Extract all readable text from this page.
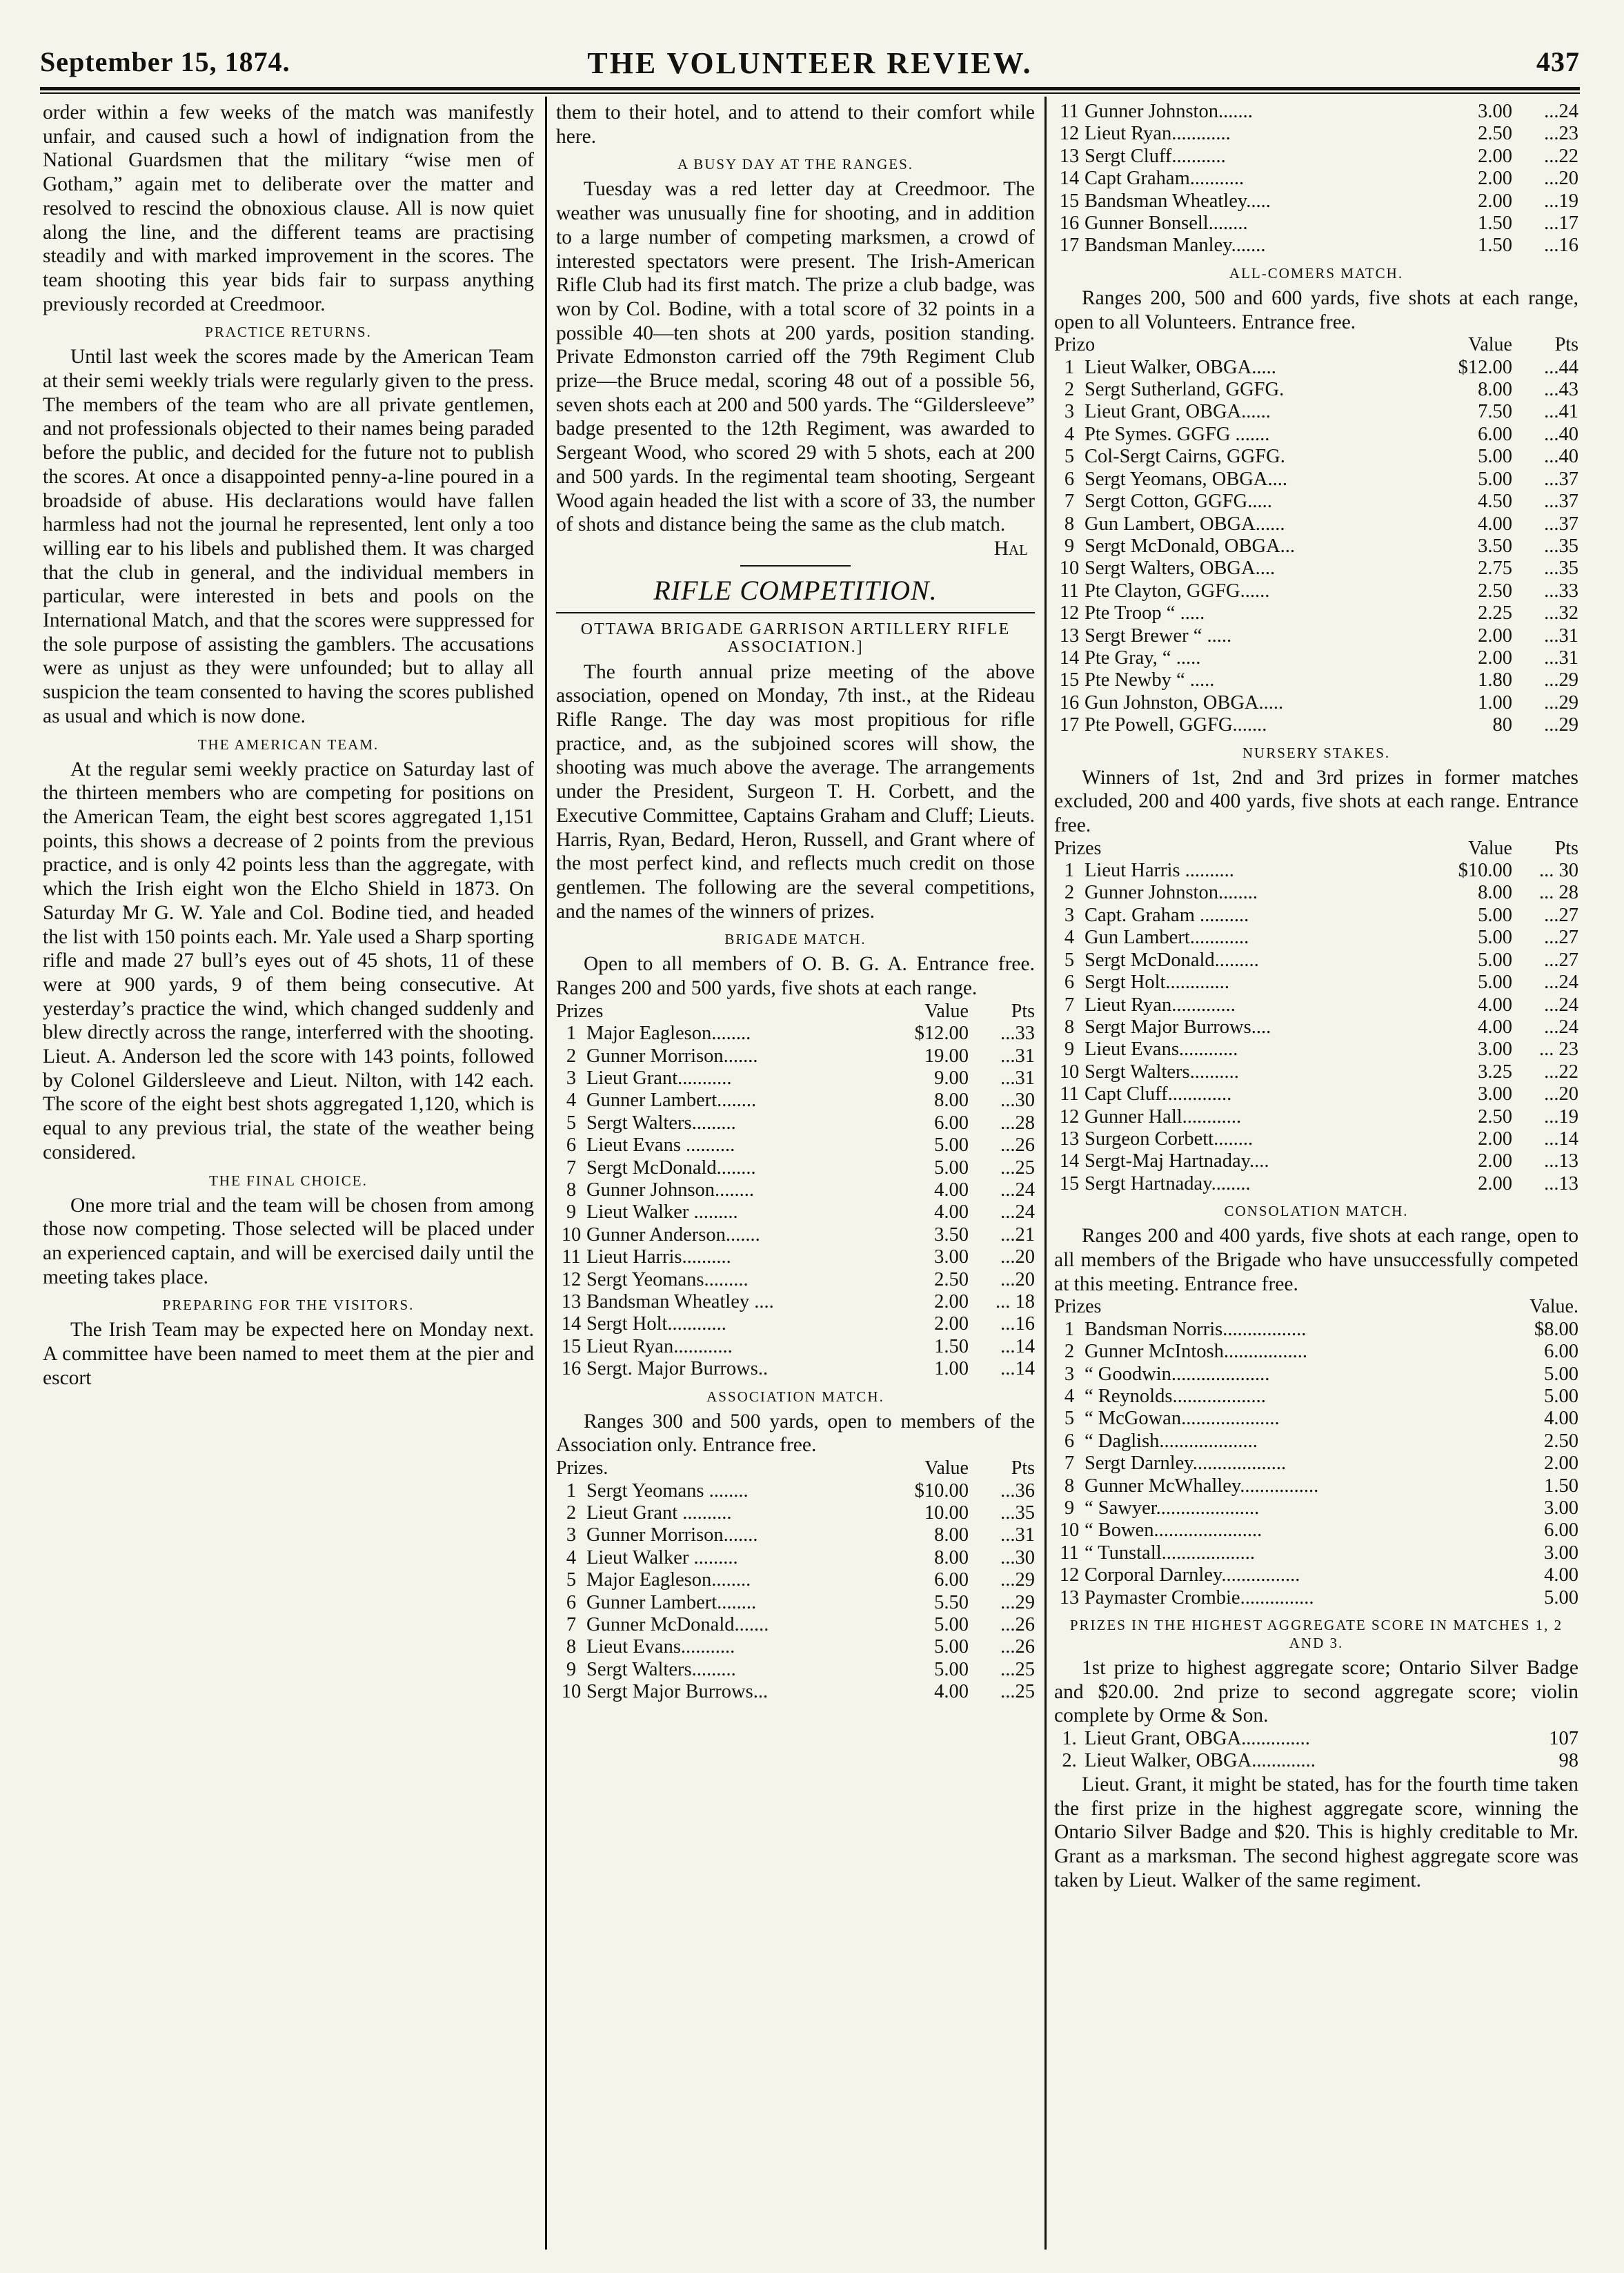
September 15, 1874.	THE VOLUNTEER REVIEW.	437

order within a few weeks of the match was manifestly unfair, and caused such a howl of indignation from the National Guardsmen that the military “wise men of Gotham,” again met to deliberate over the matter and resolved to rescind the obnoxious clause. All is now quiet along the line, and the different teams are practising steadily and with marked improvement in the scores. The team shooting this year bids fair to surpass anything previously recorded at Creedmoor.

PRACTICE RETURNS.

Until last week the scores made by the American Team at their semi weekly trials were regularly given to the press. The members of the team who are all private gentlemen, and not professionals objected to their names being paraded before the public, and decided for the future not to publish the scores. At once a disappointed penny-a-line poured in a broadside of abuse. His declarations would have fallen harmless had not the journal he represented, lent only a too willing ear to his libels and published them. It was charged that the club in general, and the individual members in particular, were interested in bets and pools on the International Match, and that the scores were suppressed for the sole purpose of assisting the gamblers. The accusations were as unjust as they were unfounded; but to allay all suspicion the team consented to having the scores published as usual and which is now done.

THE AMERICAN TEAM.

At the regular semi weekly practice on Saturday last of the thirteen members who are competing for positions on the American Team, the eight best scores aggregated 1,151 points, this shows a decrease of 2 points from the previous practice, and is only 42 points less than the aggregate, with which the Irish eight won the Elcho Shield in 1873. On Saturday Mr G. W. Yale and Col. Bodine tied, and headed the list with 150 points each. Mr. Yale used a Sharp sporting rifle and made 27 bull’s eyes out of 45 shots, 11 of these were at 900 yards, 9 of them being consecutive. At yesterday’s practice the wind, which changed suddenly and blew directly across the range, interferred with the shooting. Lieut. A. Anderson led the score with 143 points, followed by Colonel Gildersleeve and Lieut. Nilton, with 142 each. The score of the eight best shots aggregated 1,120, which is equal to any previous trial, the state of the weather being considered.

THE FINAL CHOICE.

One more trial and the team will be chosen from among those now competing. Those selected will be placed under an experienced captain, and will be exercised daily until the meeting takes place.

PREPARING FOR THE VISITORS.

The Irish Team may be expected here on Monday next. A committee have been named to meet them at the pier and escort

them to their hotel, and to attend to their comfort while here.

A BUSY DAY AT THE RANGES.

Tuesday was a red letter day at Creedmoor. The weather was unusually fine for shooting, and in addition to a large number of competing marksmen, a crowd of interested spectators were present. The Irish-American Rifle Club had its first match. The prize a club badge, was won by Col. Bodine, with a total score of 32 points in a possible 40—ten shots at 200 yards, position standing. Private Edmonston carried off the 79th Regiment Club prize—the Bruce medal, scoring 48 out of a possible 56, seven shots each at 200 and 500 yards. The “Gildersleeve” badge presented to the 12th Regiment, was awarded to Sergeant Wood, who scored 29 with 5 shots, each at 200 and 500 yards. In the regimental team shooting, Sergeant Wood again headed the list with a score of 33, the number of shots and distance being the same as the club match.

Hal
RIFLE COMPETITION.
OTTAWA BRIGADE GARRISON ARTILLERY RIFLE ASSOCIATION.]

The fourth annual prize meeting of the above association, opened on Monday, 7th inst., at the Rideau Rifle Range. The day was most propitious for rifle practice, and, as the subjoined scores will show, the shooting was much above the average. The arrangements under the President, Surgeon T. H. Corbett, and the Executive Committee, Captains Graham and Cluff; Lieuts. Harris, Ryan, Bedard, Heron, Russell, and Grant where of the most perfect kind, and reflects much credit on those gentlemen. The following are the several competitions, and the names of the winners of prizes.

BRIGADE MATCH.

Open to all members of O. B. G. A. Entrance free. Ranges 200 and 500 yards, five shots at each range.

Prizes		Value	Pts
1	Major Eagleson........	$12.00	...33
2	Gunner Morrison.......	19.00	...31
3	Lieut Grant...........	9.00	...31
4	Gunner Lambert........	8.00	...30
5	Sergt Walters.........	6.00	...28
6	Lieut Evans ..........	5.00	...26
7	Sergt McDonald........	5.00	...25
8	Gunner Johnson........	4.00	...24
9	Lieut Walker .........	4.00	...24
10	Gunner Anderson.......	3.50	...21
11	Lieut Harris..........	3.00	...20
12	Sergt Yeomans.........	2.50	...20
13	Bandsman Wheatley ....	2.00	... 18
14	Sergt Holt............	2.00	...16
15	Lieut Ryan............	1.50	...14
16	Sergt. Major Burrows..	1.00	...14
ASSOCIATION MATCH.

Ranges 300 and 500 yards, open to members of the Association only. Entrance free.

Prizes.		Value	Pts
1	Sergt Yeomans ........	$10.00	...36
2	Lieut Grant ..........	10.00	...35
3	Gunner Morrison.......	8.00	...31
4	Lieut Walker .........	8.00	...30
5	Major Eagleson........	6.00	...29
6	Gunner Lambert........	5.50	...29
7	Gunner McDonald.......	5.00	...26
8	Lieut Evans...........	5.00	...26
9	Sergt Walters.........	5.00	...25
10	Sergt Major Burrows...	4.00	...25
11	Gunner Johnston.......	3.00	...24
12	Lieut Ryan............	2.50	...23
13	Sergt Cluff...........	2.00	...22
14	Capt Graham...........	2.00	...20
15	Bandsman Wheatley.....	2.00	...19
16	Gunner Bonsell........	1.50	...17
17	Bandsman Manley.......	1.50	...16
ALL-COMERS MATCH.

Ranges 200, 500 and 600 yards, five shots at each range, open to all Volunteers. Entrance free.

Prizo		Value	Pts
1	Lieut Walker, OBGA.....	$12.00	...44
2	Sergt Sutherland, GGFG.	8.00	...43
3	Lieut Grant, OBGA......	7.50	...41
4	Pte Symes. GGFG .......	6.00	...40
5	Col-Sergt Cairns, GGFG.	5.00	...40
6	Sergt Yeomans, OBGA....	5.00	...37
7	Sergt Cotton, GGFG.....	4.50	...37
8	Gun Lambert, OBGA......	4.00	...37
9	Sergt McDonald, OBGA...	3.50	...35
10	Sergt Walters, OBGA....	2.75	...35
11	Pte Clayton, GGFG......	2.50	...33
12	Pte Troop “ .....	2.25	...32
13	Sergt Brewer “ .....	2.00	...31
14	Pte Gray, “ .....	2.00	...31
15	Pte Newby “ .....	1.80	...29
16	Gun Johnston, OBGA.....	1.00	...29
17	Pte Powell, GGFG.......	80	...29
NURSERY STAKES.

Winners of 1st, 2nd and 3rd prizes in former matches excluded, 200 and 400 yards, five shots at each range. Entrance free.

Prizes		Value	Pts
1	Lieut Harris ..........	$10.00	... 30
2	Gunner Johnston........	8.00	... 28
3	Capt. Graham ..........	5.00	...27
4	Gun Lambert............	5.00	...27
5	Sergt McDonald.........	5.00	...27
6	Sergt Holt.............	5.00	...24
7	Lieut Ryan.............	4.00	...24
8	Sergt Major Burrows....	4.00	...24
9	Lieut Evans............	3.00	... 23
10	Sergt Walters..........	3.25	...22
11	Capt Cluff.............	3.00	...20
12	Gunner Hall............	2.50	...19
13	Surgeon Corbett........	2.00	...14
14	Sergt-Maj Hartnaday....	2.00	...13
15	Sergt Hartnaday........	2.00	...13
CONSOLATION MATCH.

Ranges 200 and 400 yards, five shots at each range, open to all members of the Brigade who have unsuccessfully competed at this meeting. Entrance free.

Prizes		Value.
1	Bandsman Norris.................	$8.00
2	Gunner McIntosh.................	6.00
3	“ Goodwin....................	5.00
4	“ Reynolds...................	5.00
5	“ McGowan....................	4.00
6	“ Daglish....................	2.50
7	Sergt Darnley...................	2.00
8	Gunner McWhalley................	1.50
9	“ Sawyer.....................	3.00
10	“ Bowen......................	6.00
11	“ Tunstall...................	3.00
12	Corporal Darnley................	4.00
13	Paymaster Crombie...............	5.00
PRIZES IN THE HIGHEST AGGREGATE SCORE IN MATCHES 1, 2 AND 3.

1st prize to highest aggregate score; Ontario Silver Badge and $20.00. 2nd prize to second aggregate score; violin complete by Orme & Son.

1.	Lieut Grant, OBGA..............	107
2.	Lieut Walker, OBGA.............	98

Lieut. Grant, it might be stated, has for the fourth time taken the first prize in the highest aggregate score, winning the Ontario Silver Badge and $20. This is highly creditable to Mr. Grant as a marksman. The second highest aggregate score was taken by Lieut. Walker of the same regiment.
